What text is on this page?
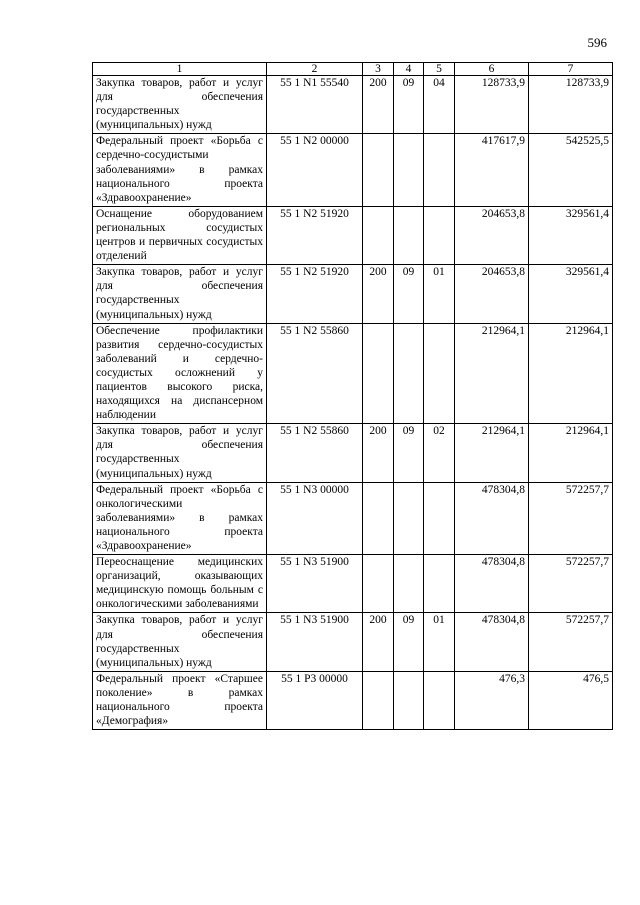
596
1	2	3	4	5	6	7
Закупка товаров, работ и услуг для обеспечения государственных (муниципальных) нужд	55 1 N1 55540	200	09	04	128733,9	128733,9
Федеральный проект «Борьба с сердечно-сосудистыми заболеваниями» в рамках национального проекта «Здравоохранение»	55 1 N2 00000				417617,9	542525,5
Оснащение оборудованием региональных сосудистых центров и первичных сосудистых отделений	55 1 N2 51920				204653,8	329561,4
Закупка товаров, работ и услуг для обеспечения государственных (муниципальных) нужд	55 1 N2 51920	200	09	01	204653,8	329561,4
Обеспечение профилактики развития сердечно-сосудистых заболеваний и сердечно-сосудистых осложнений у пациентов высокого риска, находящихся на диспансерном наблюдении	55 1 N2 55860				212964,1	212964,1
Закупка товаров, работ и услуг для обеспечения государственных (муниципальных) нужд	55 1 N2 55860	200	09	02	212964,1	212964,1
Федеральный проект «Борьба с онкологическими заболеваниями» в рамках национального проекта «Здравоохранение»	55 1 N3 00000				478304,8	572257,7
Переоснащение медицинских организаций, оказывающих медицинскую помощь больным с онкологическими заболеваниями	55 1 N3 51900				478304,8	572257,7
Закупка товаров, работ и услуг для обеспечения государственных (муниципальных) нужд	55 1 N3 51900	200	09	01	478304,8	572257,7
Федеральный проект «Старшее поколение» в рамках национального проекта «Демография»	55 1 P3 00000				476,3	476,5
